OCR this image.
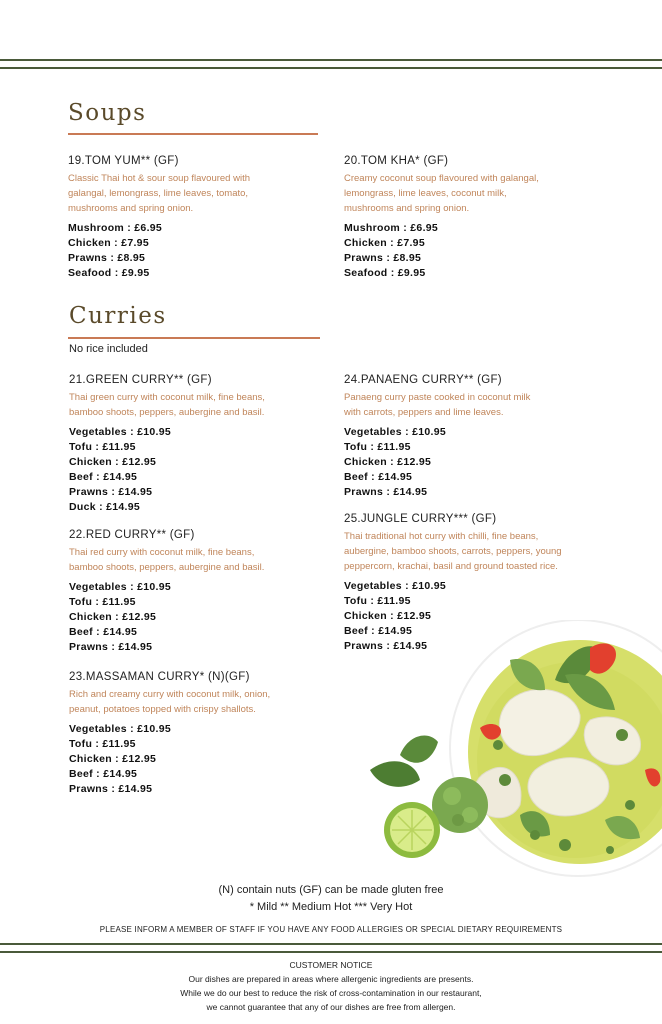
Soups
19.TOM YUM** (GF)
Classic Thai hot & sour soup flavoured with
galangal, lemongrass, lime leaves, tomato,
mushrooms and spring onion.
Mushroom : £6.95
Chicken : £7.95
Prawns : £8.95
Seafood : £9.95
20.TOM KHA* (GF)
Creamy coconut soup flavoured with galangal,
lemongrass, lime leaves, coconut milk,
mushrooms and spring onion.
Mushroom : £6.95
Chicken : £7.95
Prawns : £8.95
Seafood : £9.95
Curries
No rice included
21.GREEN CURRY** (GF)
Thai green curry with coconut milk, fine beans,
bamboo shoots, peppers, aubergine and basil.
Vegetables : £10.95
Tofu : £11.95
Chicken : £12.95
Beef : £14.95
Prawns : £14.95
Duck : £14.95
22.RED CURRY** (GF)
Thai red curry with coconut milk, fine beans,
bamboo shoots, peppers, aubergine and basil.
Vegetables : £10.95
Tofu : £11.95
Chicken : £12.95
Beef : £14.95
Prawns : £14.95
23.MASSAMAN CURRY* (N)(GF)
Rich and creamy curry with coconut milk, onion,
peanut, potatoes topped with crispy shallots.
Vegetables : £10.95
Tofu : £11.95
Chicken : £12.95
Beef : £14.95
Prawns : £14.95
24.PANAENG CURRY** (GF)
Panaeng curry paste cooked in coconut milk
with carrots, peppers and lime leaves.
Vegetables : £10.95
Tofu : £11.95
Chicken : £12.95
Beef : £14.95
Prawns : £14.95
25.JUNGLE CURRY*** (GF)
Thai traditional hot curry with chilli, fine beans,
aubergine, bamboo shoots, carrots, peppers, young
peppercorn, krachai, basil and ground toasted rice.
Vegetables : £10.95
Tofu : £11.95
Chicken : £12.95
Beef : £14.95
Prawns : £14.95
(N) contain nuts (GF) can be made gluten free
* Mild ** Medium Hot *** Very Hot
PLEASE INFORM A MEMBER OF STAFF IF YOU HAVE ANY FOOD ALLERGIES OR SPECIAL DIETARY REQUIREMENTS
CUSTOMER NOTICE
Our dishes are prepared in areas where allergenic ingredients are presents.
While we do our best to reduce the risk of cross-contamination in our restaurant,
we cannot guarantee that any of our dishes are free from allergen.
